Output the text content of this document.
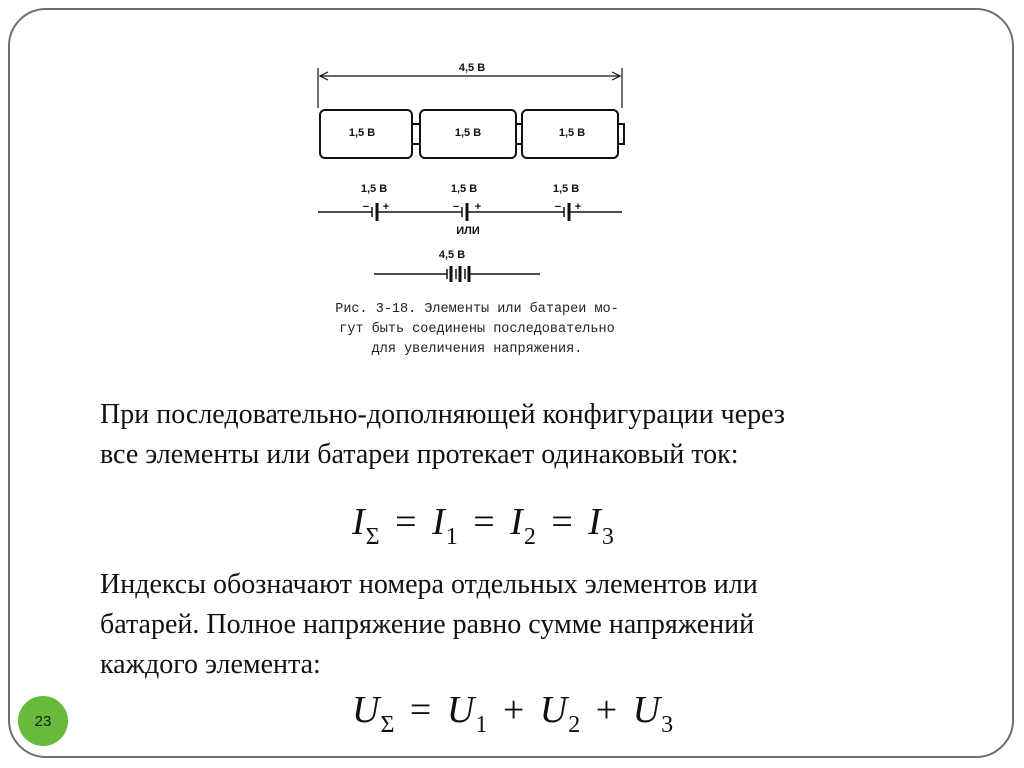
4,5 В
1,5 В	1,5 В	1,5 В
1,5 В	1,5 В	1,5 В
− +	− +	− +
ИЛИ
4,5 В
Рис. 3-18. Элементы или батареи мо-
гут быть соединены последовательно
для увеличения напряжения.
При последовательно-дополняющей конфигурации через
все элементы или батареи протекает одинаковый ток:
$I_\Sigma = I_1 = I_2 = I_3$
Индексы обозначают номера отдельных элементов или
батарей. Полное напряжение равно сумме напряжений
каждого элемента:
$U_\Sigma = U_1 + U_2 + U_3$
23
